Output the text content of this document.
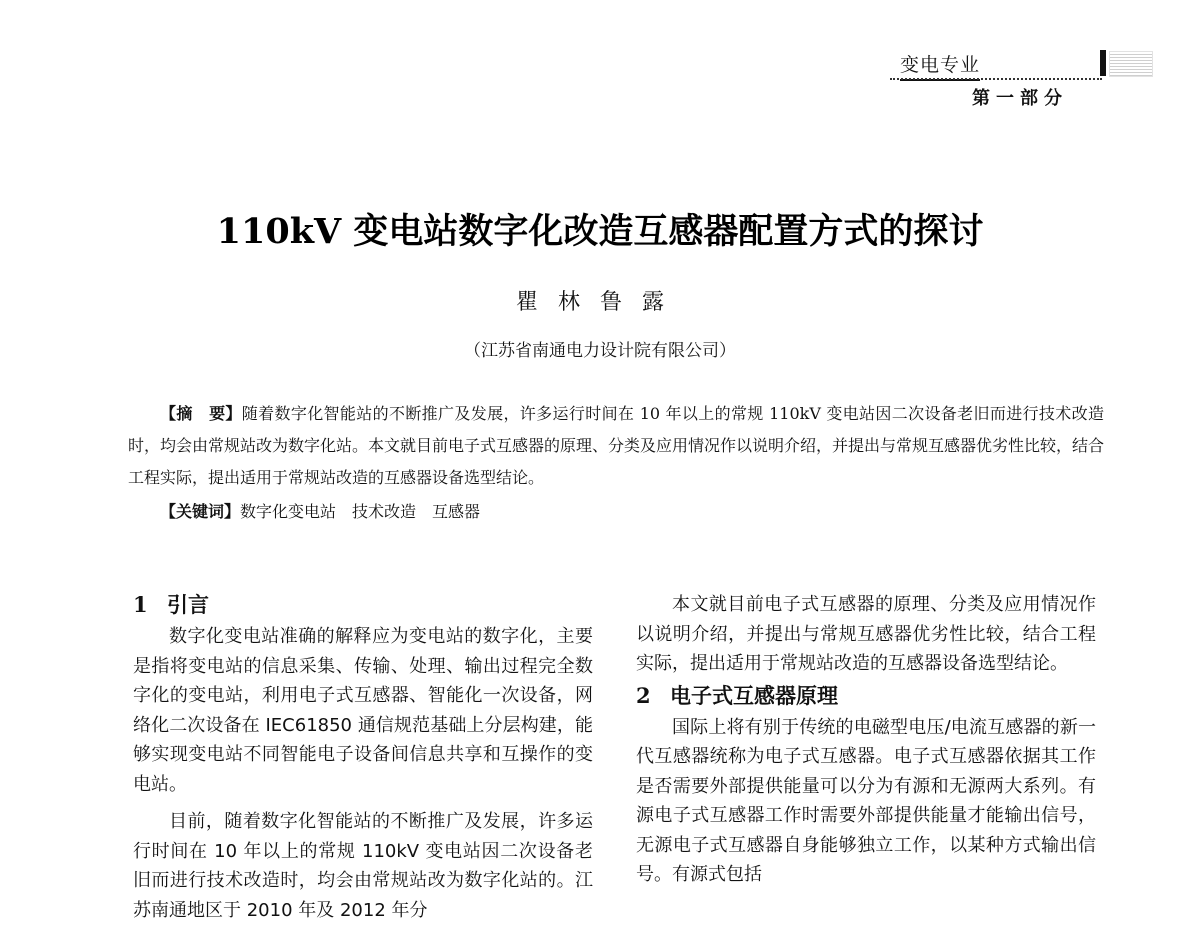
变电专业
第一部分
110kV 变电站数字化改造互感器配置方式的探讨
瞿林鲁露
（江苏省南通电力设计院有限公司）

【摘　要】随着数字化智能站的不断推广及发展，许多运行时间在 10 年以上的常规 110kV 变电站因二次设备老旧而进行技术改造时，均会由常规站改为数字化站。本文就目前电子式互感器的原理、分类及应用情况作以说明介绍，并提出与常规互感器优劣性比较，结合工程实际，提出适用于常规站改造的互感器设备选型结论。

【关键词】数字化变电站　技术改造　互感器

1 引言

数字化变电站准确的解释应为变电站的数字化，主要是指将变电站的信息采集、传输、处理、输出过程完全数字化的变电站，利用电子式互感器、智能化一次设备，网络化二次设备在 IEC61850 通信规范基础上分层构建，能够实现变电站不同智能电子设备间信息共享和互操作的变电站。

目前，随着数字化智能站的不断推广及发展，许多运行时间在 10 年以上的常规 110kV 变电站因二次设备老旧而进行技术改造时，均会由常规站改为数字化站的。江苏南通地区于 2010 年及 2012 年分

本文就目前电子式互感器的原理、分类及应用情况作以说明介绍，并提出与常规互感器优劣性比较，结合工程实际，提出适用于常规站改造的互感器设备选型结论。

2 电子式互感器原理

国际上将有别于传统的电磁型电压/电流互感器的新一代互感器统称为电子式互感器。电子式互感器依据其工作是否需要外部提供能量可以分为有源和无源两大系列。有源电子式互感器工作时需要外部提供能量才能输出信号，无源电子式互感器自身能够独立工作，以某种方式输出信号。有源式包括
